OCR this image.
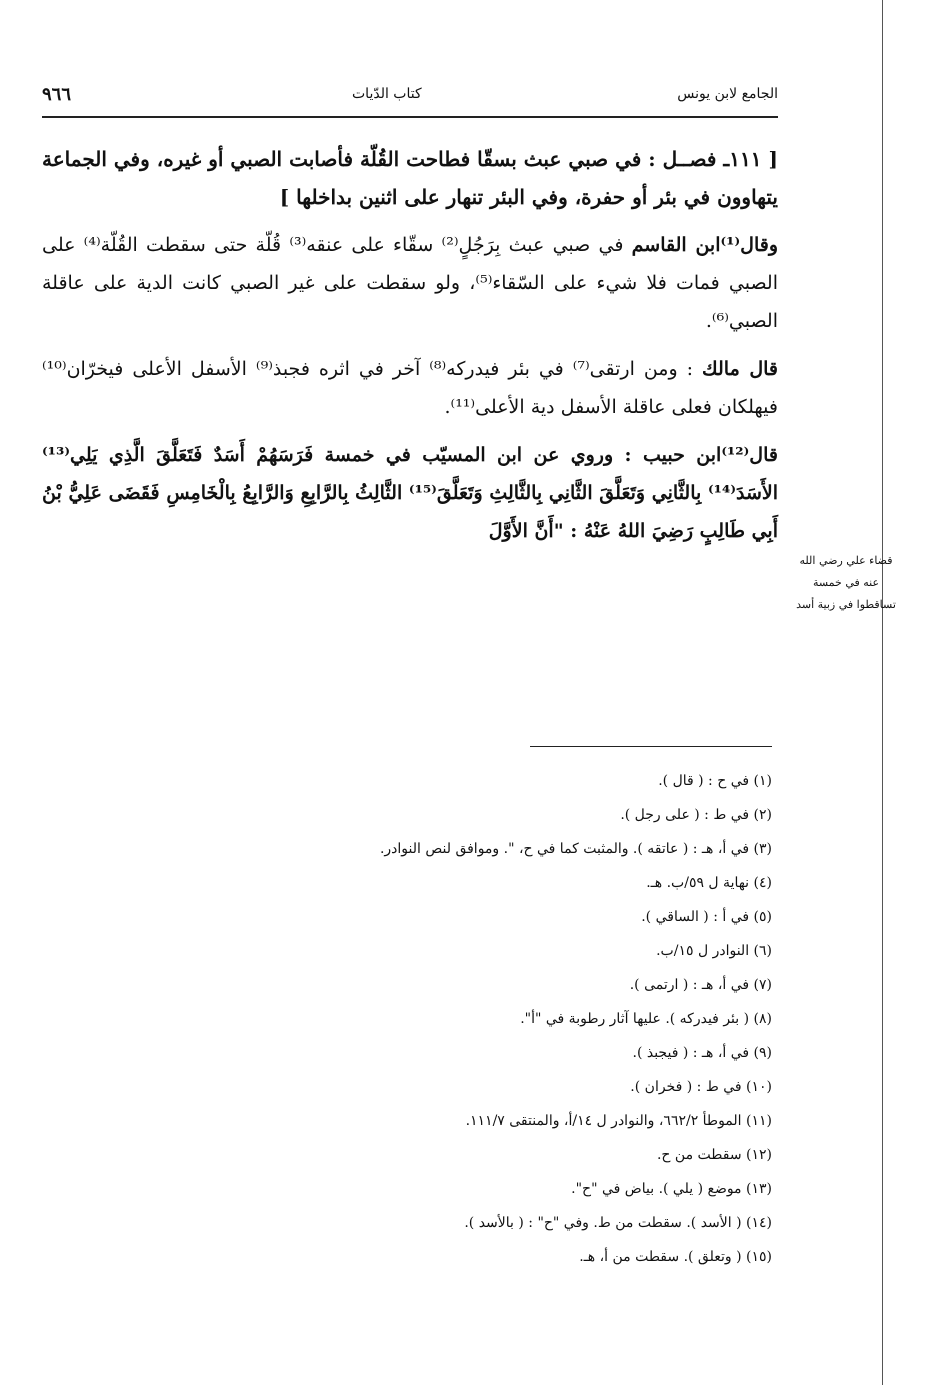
الجامع لابن يونس
كتاب الدّيات
٩٦٦

[ ١١١ـ فصــل : في صبي عبث بسقّا فطاحت القُلّة فأصابت الصبي أو غيره، وفي الجماعة يتهاوون في بئر أو حفرة، وفي البئر تنهار على اثنين بداخلها ]

وقال⁽¹⁾ابن القاسم في صبي عبث بِرَجُلٍ⁽²⁾ سقّاء على عنقه⁽³⁾ قُلّة حتى سقطت القُلّة⁽⁴⁾ على الصبي فمات فلا شيء على السّقاء⁽⁵⁾، ولو سقطت على غير الصبي كانت الدية على عاقلة الصبي⁽⁶⁾.

قال مالك : ومن ارتقى⁽⁷⁾ في بئر فيدركه⁽⁸⁾ آخر في اثره فجبذ⁽⁹⁾ الأسفل الأعلى فيخرّان⁽¹⁰⁾ فيهلكان فعلى عاقلة الأسفل دية الأعلى⁽¹¹⁾.

قال⁽¹²⁾ابن حبيب : وروي عن ابن المسيّب في خمسة فَرَسَهُمْ أَسَدٌ فَتَعَلَّقَ الَّذِي يَلِي⁽¹³⁾ الأَسَدَ⁽¹⁴⁾ بِالثَّانِي وَتَعَلَّقَ الثَّانِي بِالثَّالِثِ وَتَعَلَّقَ⁽¹⁵⁾ الثَّالِثُ بِالرَّابِعِ وَالرَّابِعُ بِالْخَامِسِ فَقَضَى عَلِيُّ بْنُ أَبِي طَالِبٍ رَضِيَ اللهُ عَنْهُ : "أَنَّ الأَوَّلَ

قضاء علي رضي الله
عنه في خمسة
تساقطوا في زبية أسد
(١) في ح : ( قال ).
(٢) في ط : ( على رجل ).
(٣) في أ، هـ : ( عاتقه ). والمثبت كما في ح، ". وموافق لنص النوادر.
(٤) نهاية ل ٥٩/ب. هـ.
(٥) في أ : ( الساقي ).
(٦) النوادر ل ١٥/ب.
(٧) في أ، هـ : ( ارتمى ).
(٨) ( بئر فيدركه ). عليها آثار رطوبة في "أ".
(٩) في أ، هـ : ( فيجبذ ).
(١٠) في ط : ( فخران ).
(١١) الموطأ ٦٦٢/٢، والنوادر ل ١٤/أ، والمنتقى ١١١/٧.
(١٢) سقطت من ح.
(١٣) موضع ( يلي ). بياض في "ح".
(١٤) ( الأسد ). سقطت من ط. وفي "ح" : ( بالأسد ).
(١٥) ( وتعلق ). سقطت من أ، هـ.
